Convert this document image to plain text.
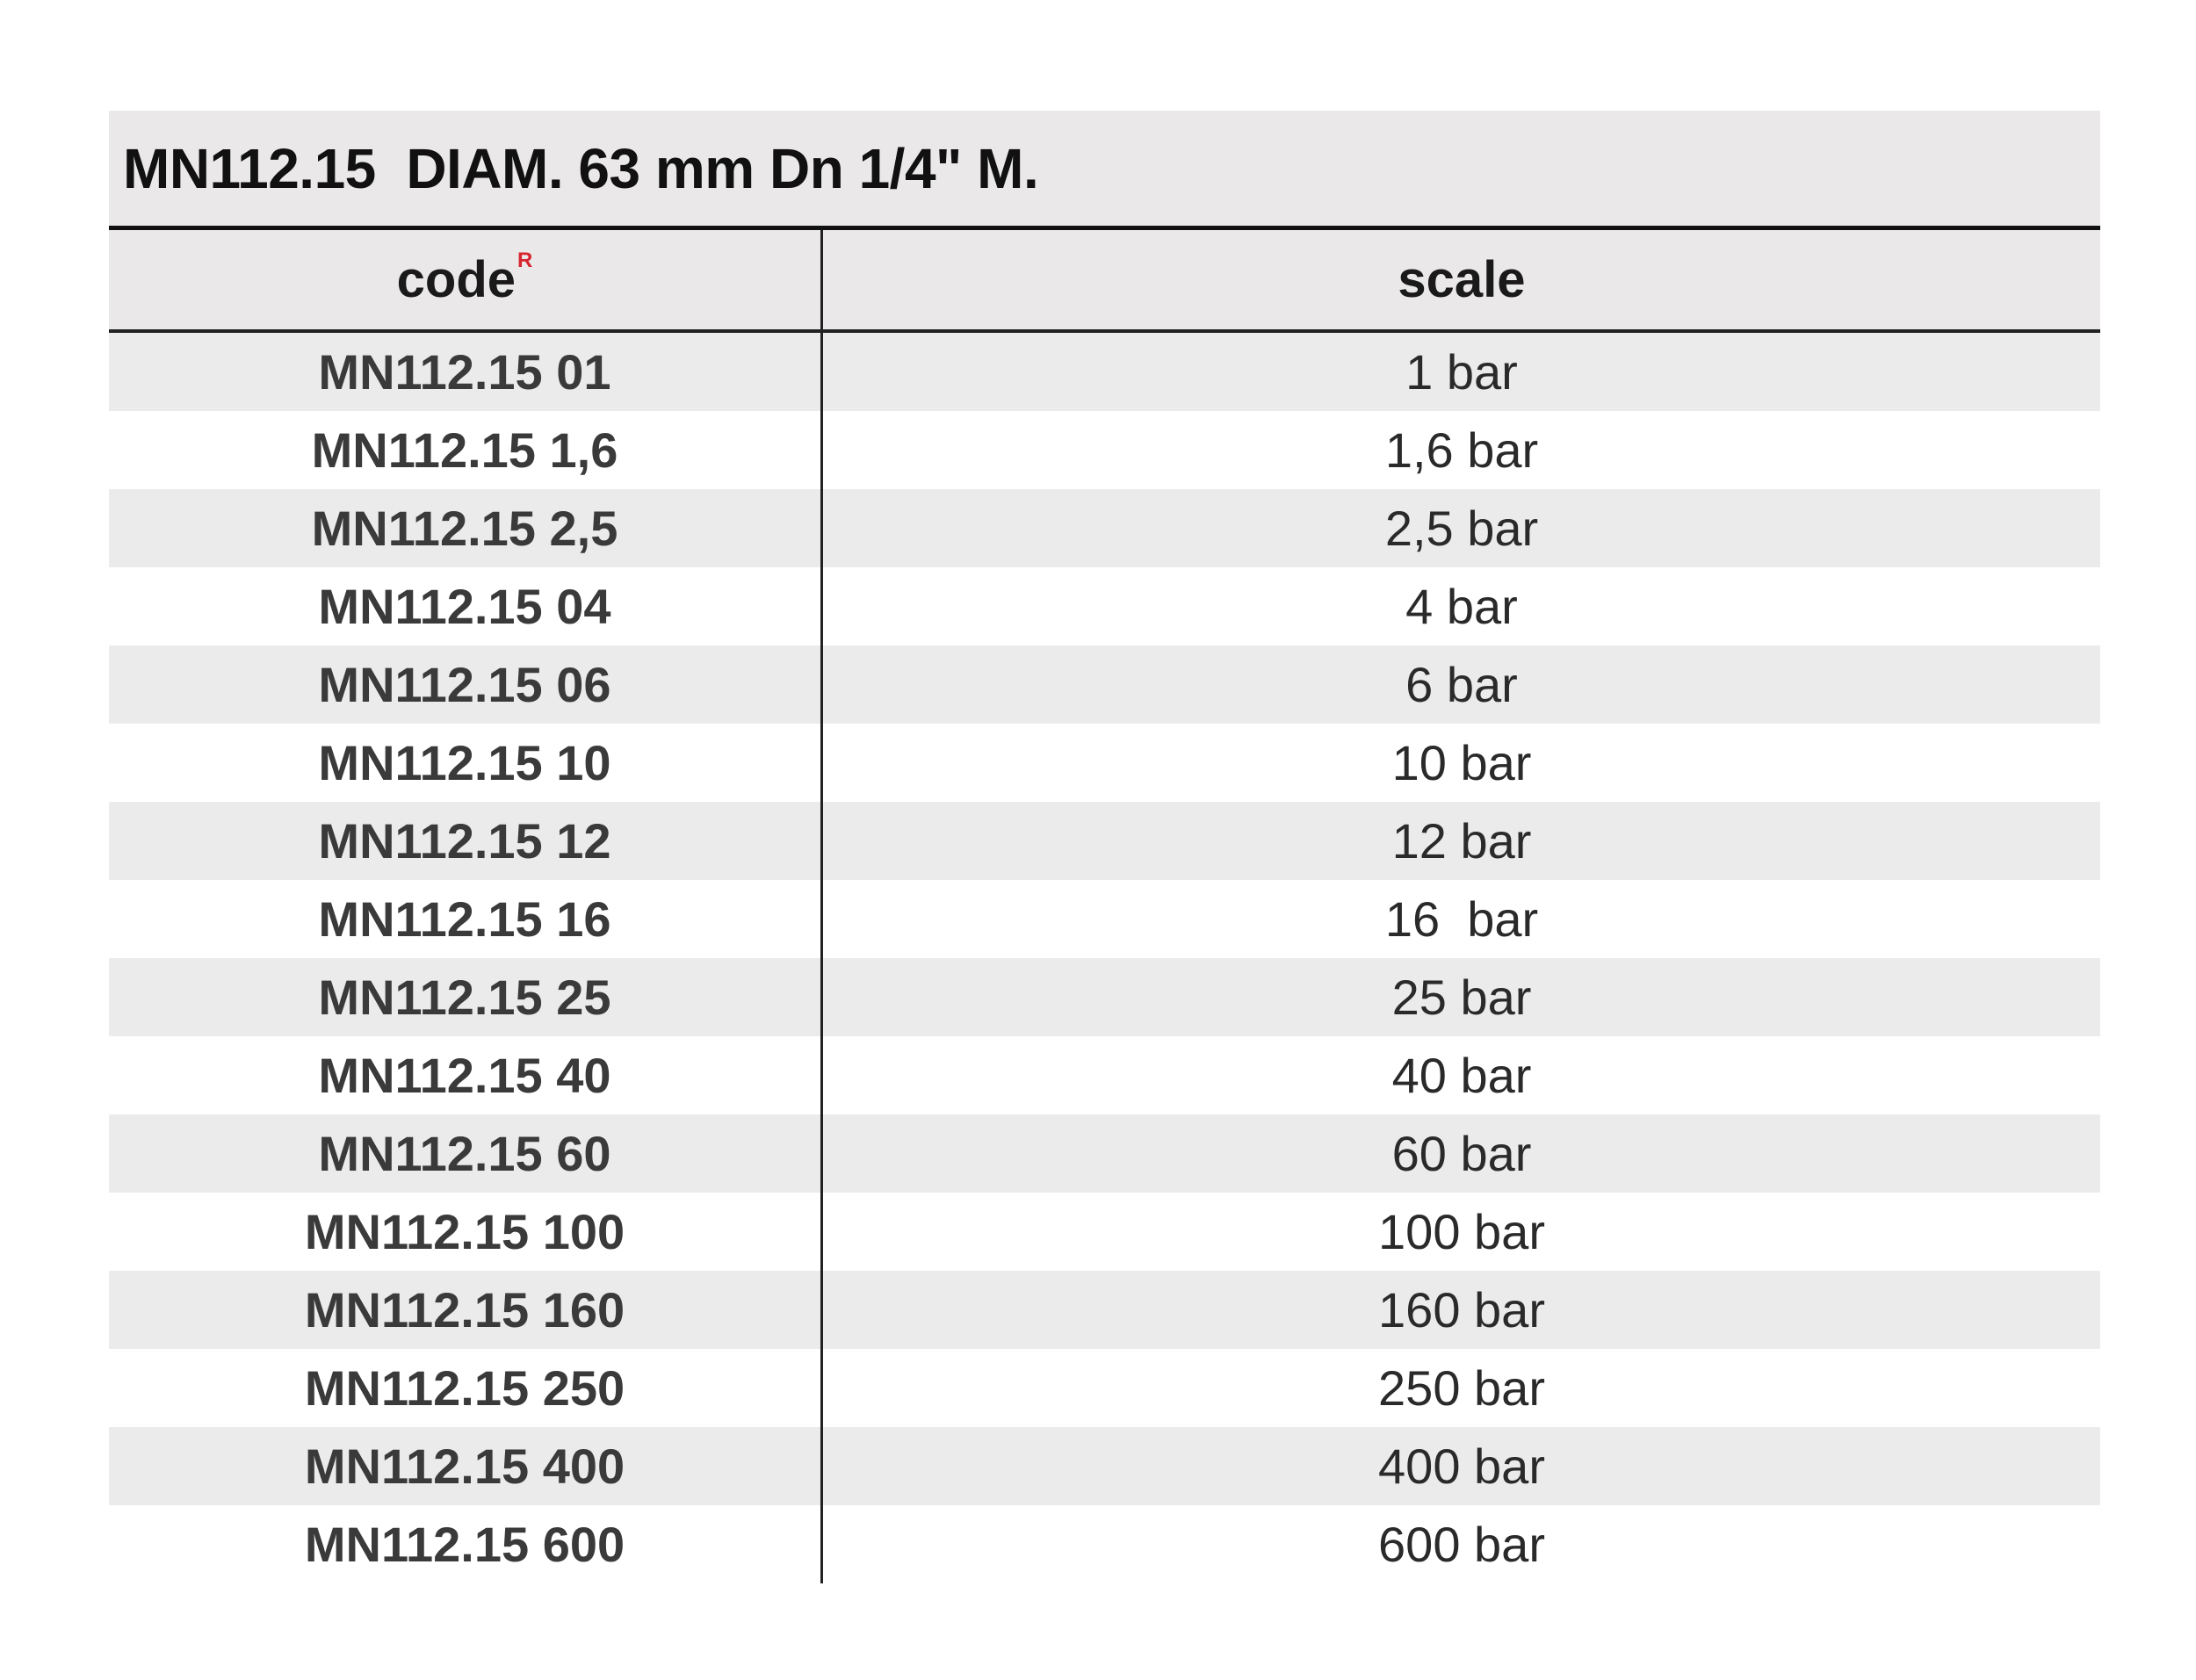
MN112.15  DIAM. 63 mm Dn 1/4" M.
code R	scale
MN112.15 01	1 bar
MN112.15 1,6	1,6 bar
MN112.15 2,5	2,5 bar
MN112.15 04	4 bar
MN112.15 06	6 bar
MN112.15 10	10 bar
MN112.15 12	12 bar
MN112.15 16	16  bar
MN112.15 25	25 bar
MN112.15 40	40 bar
MN112.15 60	60 bar
MN112.15 100	100 bar
MN112.15 160	160 bar
MN112.15 250	250 bar
MN112.15 400	400 bar
MN112.15 600	600 bar
